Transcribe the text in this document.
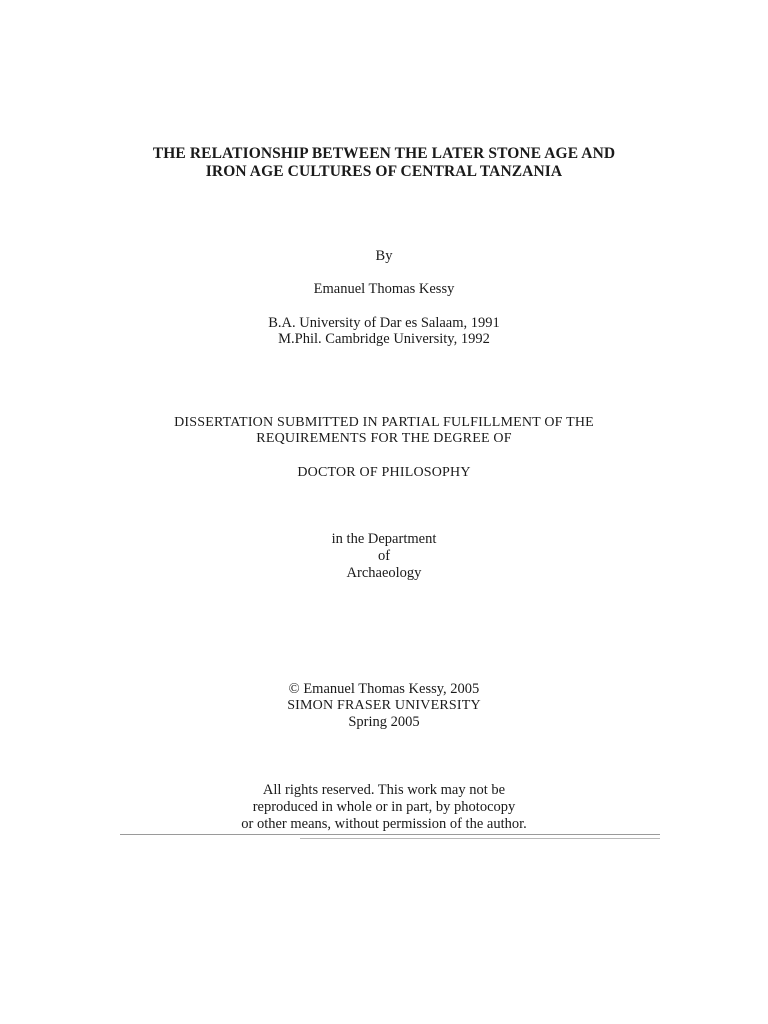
THE RELATIONSHIP BETWEEN THE LATER STONE AGE AND
IRON AGE CULTURES OF CENTRAL TANZANIA
By
Emanuel Thomas Kessy
B.A. University of Dar es Salaam, 1991
M.Phil. Cambridge University, 1992
DISSERTATION SUBMITTED IN PARTIAL FULFILLMENT OF THE
REQUIREMENTS FOR THE DEGREE OF
DOCTOR OF PHILOSOPHY
in the Department
of
Archaeology
© Emanuel Thomas Kessy, 2005
SIMON FRASER UNIVERSITY
Spring 2005
All rights reserved. This work may not be
reproduced in whole or in part, by photocopy
or other means, without permission of the author.
